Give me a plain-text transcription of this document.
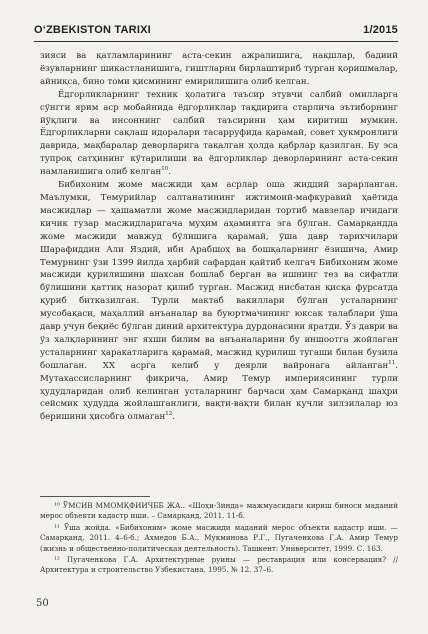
O‘ZBEKISTON TARIXI	1/2015

зияси ва қатламларининг аста-секин ажралишига, нақшлар, бадиий ёзувларнинг шикастланишига, гиштларни бирлаштириб турган қоришмалар, айниқса, бино томи қисмининг емирилишига олиб келган.

Ёдгорликларнинг техник ҳолатига таъсир этувчи салбий омилларга сўнгги ярим аср мобайнида ёдгорликлар тақдирига старлича эътиборнинг йўқлиги ва инсоннинг салбий таъсирини ҳам киритиш мумкин. Ёдгорликларни сақлаш идоралари тасарруфида қарамай, совет ҳукмронлиги даврида, мақбаралар деворларига тақалган ҳолда қабрлар қазилган. Бу эса тупроқ сатҳининг кўтарилиши ва ёдгорликлар деворларининг аста-секин намланишига олиб келган$^{10}$.

Бибихоним жоме масжиди ҳам асрлар оша жиддий зарарланган. Маълумки, Темурийлар салтанатининг ижтимоий-мафкуравий ҳаётида масжидлар — ҳашаматли жоме масжидларидан тортиб мавзелар ичидаги кичик гузар масжидларигача муҳим аҳамиятга эга бўлган. Самарқандда жоме масжиди мавжуд бўлишига қарамай, ўша давр тарихчилари Шарафиддин Али Яздий, ибн Арабшоҳ ва бошқаларнинг ёзишича, Амир Темурнинг ўзи 1399 йилда ҳарбий сафардан қайтиб келгач Бибихоним жоме масжиди қурилишини шахсан бошлаб берган ва ишнинг тез ва сифатли бўлишини қаттиқ назорат қилиб турган. Масжид нисбатан қисқа фурсатда қуриб битказилган. Турли мактаб вакиллари бўлган усталарнинг мусобақаси, маҳаллий анъаналар ва буюртмачининг юксак талаблари ўша давр учун беқиёс бўлган диний архитектура дурдонасини яратди. Ўз даври ва ўз халқларининг энг яхши билим ва анъаналарини бу иншоотга жойлаган усталарнинг ҳаракатларига қарамай, масжид қурилиш тугаши билан бузила бошлаган. XX асрга келиб у деярли вайронага айланган$^{11}$. Мутахассисларнинг фикрича, Амир Темур империясининг турли ҳудудларидан олиб келинган усталарнинг барчаси ҳам Самарқанд шаҳри сейсмик ҳудудда жойлашганлиги, вақти-вақти билан кучли зилзилалар юз беришини ҳисобга олмаган$^{12}$.

¹⁰ ЎМСИВ ММОМҚФИИЧББ ЖА.. «Шоҳи-Зинда» мажмуасидаги кириш биноси маданий мерос объекти кадастр иши. – Самарқанд, 2011. 11-б.

¹¹ Ўша жойда. «Бибихоним» жоме масжиди маданий мерос объекти кадастр иши. — Самарқанд, 2011. 4–6-б.; Ахмедов Б.А., Мукминова Р.Г., Пугаченкова Г.А. Амир Темур (жизнь и общественно-политическая деятельность). Ташкент: Университет, 1999. С. 163.

¹² Пугаченкова Г.А. Архитектурные руины — реставрация или консервация? // Архитектура и строительство Узбекистана. 1995. № 12. 37–6.

50
